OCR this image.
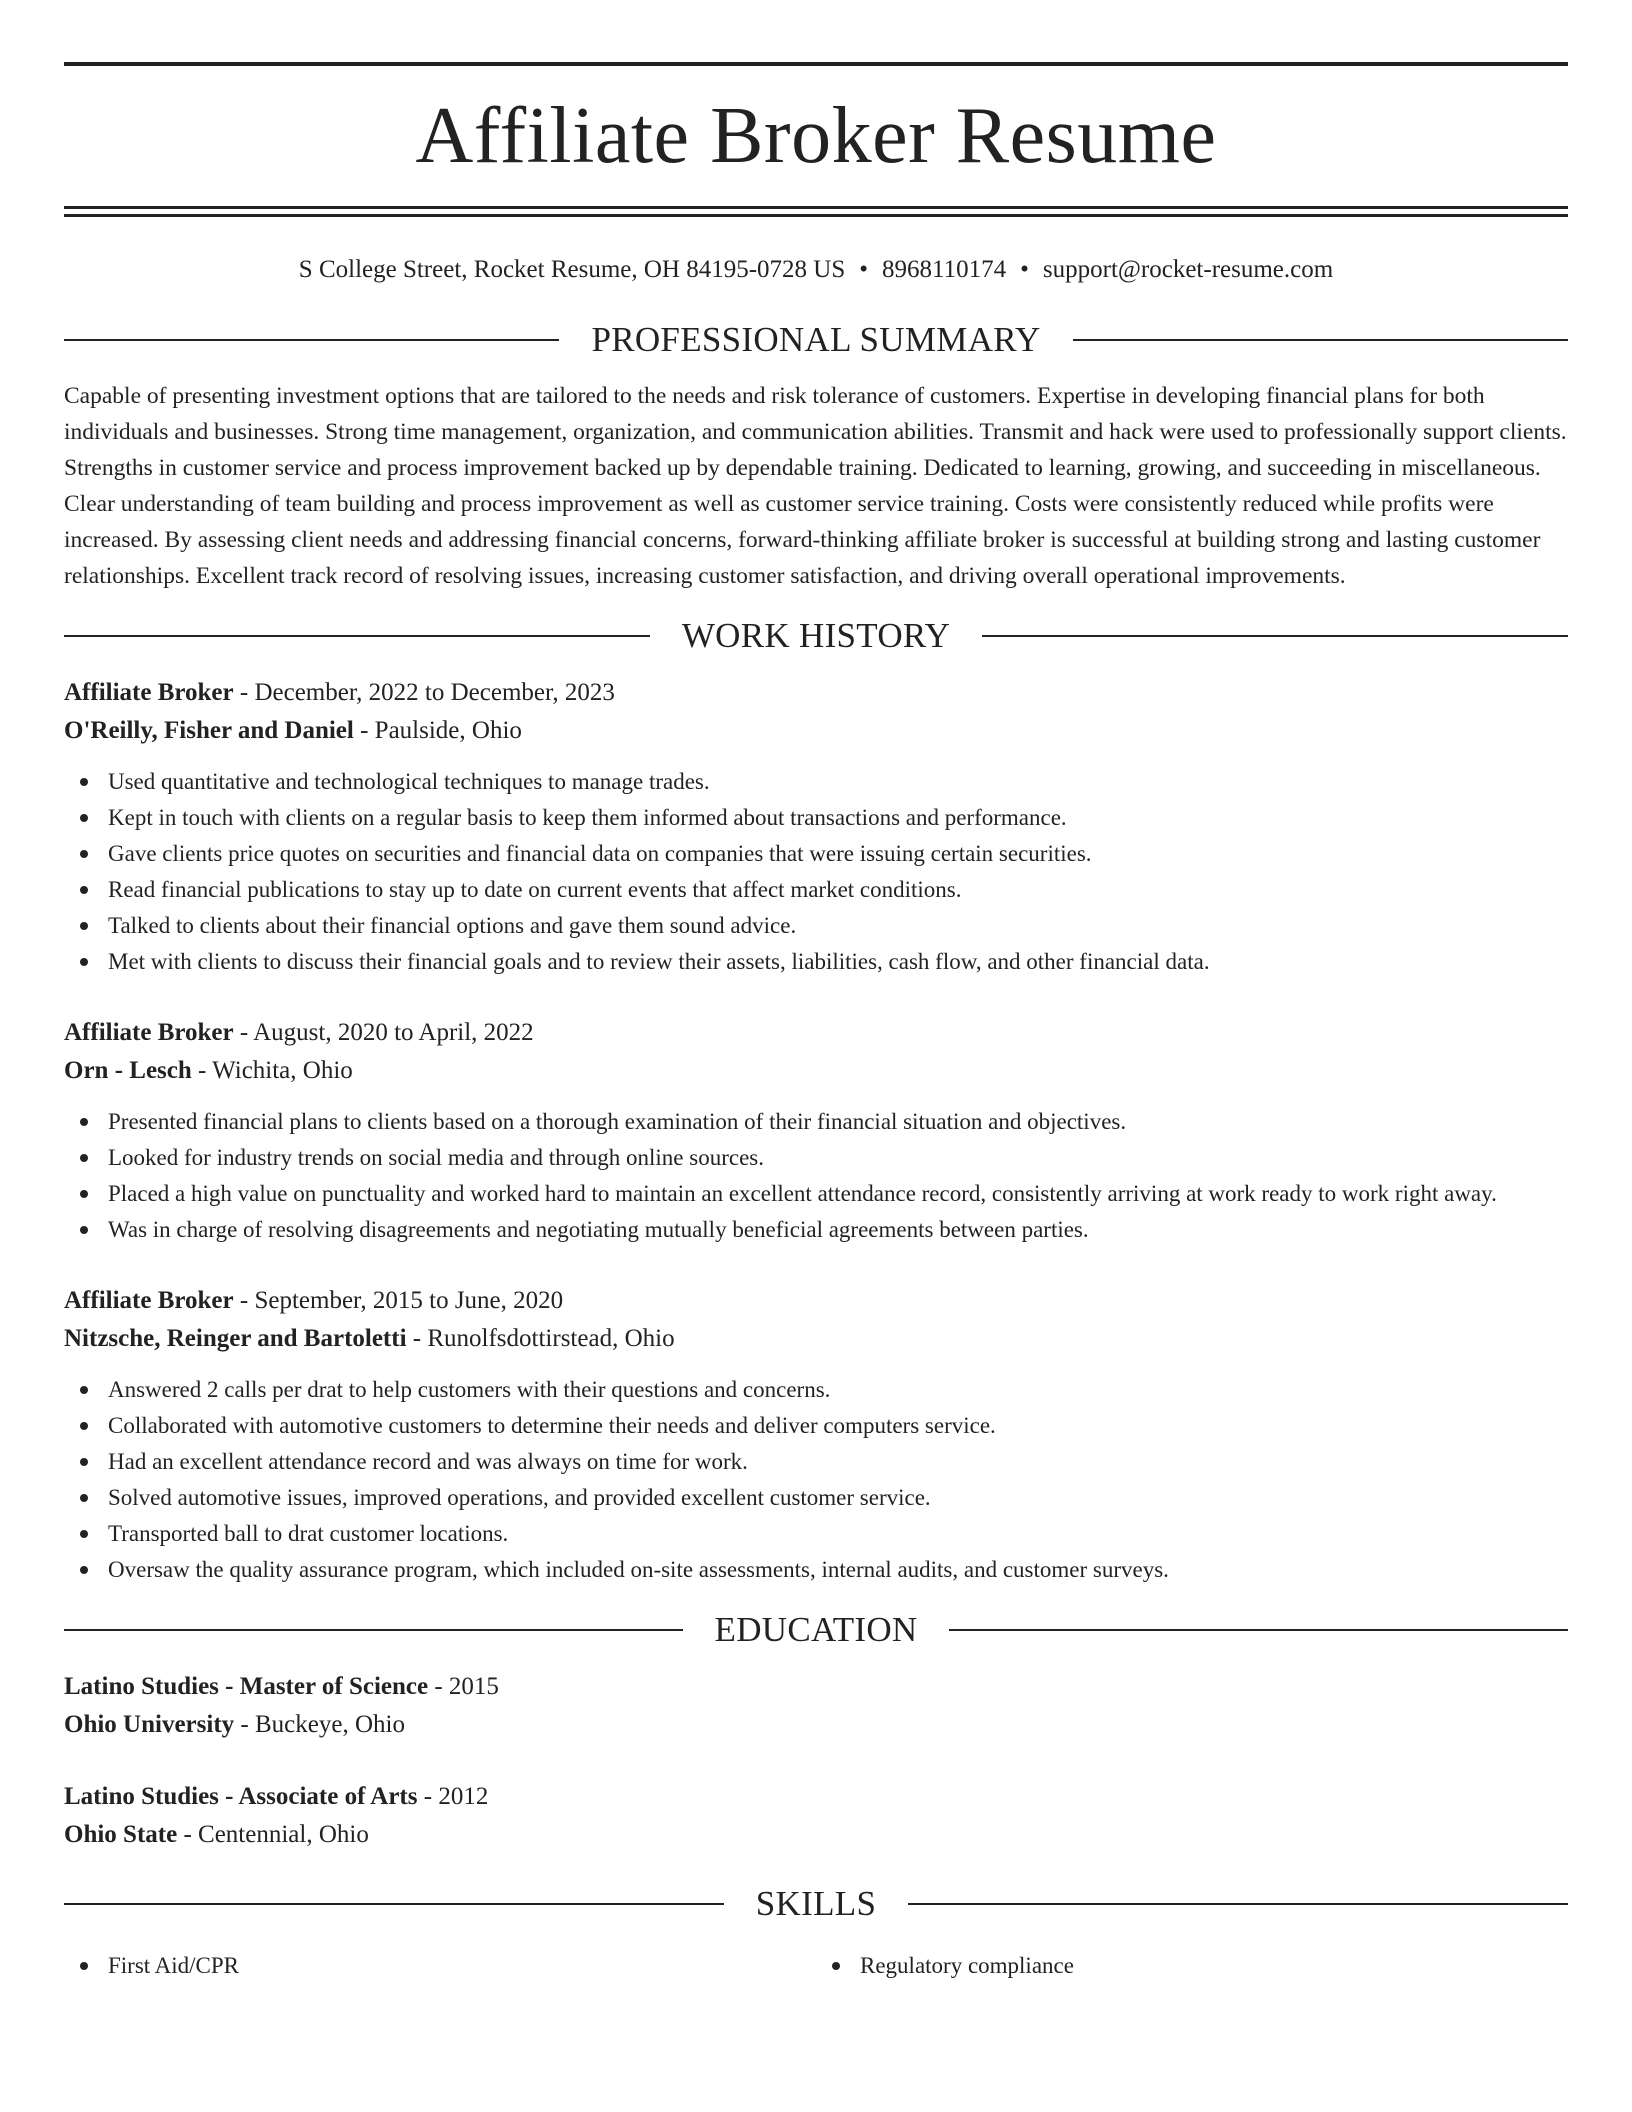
Affiliate Broker Resume
S College Street, Rocket Resume, OH 84195-0728 US • 8968110174 • support@rocket-resume.com
PROFESSIONAL SUMMARY

Capable of presenting investment options that are tailored to the needs and risk tolerance of customers. Expertise in developing financial plans for both individuals and businesses. Strong time management, organization, and communication abilities. Transmit and hack were used to professionally support clients. Strengths in customer service and process improvement backed up by dependable training. Dedicated to learning, growing, and succeeding in miscellaneous. Clear understanding of team building and process improvement as well as customer service training. Costs were consistently reduced while profits were increased. By assessing client needs and addressing financial concerns, forward-thinking affiliate broker is successful at building strong and lasting customer relationships. Excellent track record of resolving issues, increasing customer satisfaction, and driving overall operational improvements.

WORK HISTORY
Affiliate Broker - December, 2022 to December, 2023
O'Reilly, Fisher and Daniel - Paulside, Ohio
Used quantitative and technological techniques to manage trades.
Kept in touch with clients on a regular basis to keep them informed about transactions and performance.
Gave clients price quotes on securities and financial data on companies that were issuing certain securities.
Read financial publications to stay up to date on current events that affect market conditions.
Talked to clients about their financial options and gave them sound advice.
Met with clients to discuss their financial goals and to review their assets, liabilities, cash flow, and other financial data.
Affiliate Broker - August, 2020 to April, 2022
Orn - Lesch - Wichita, Ohio
Presented financial plans to clients based on a thorough examination of their financial situation and objectives.
Looked for industry trends on social media and through online sources.
Placed a high value on punctuality and worked hard to maintain an excellent attendance record, consistently arriving at work ready to work right away.
Was in charge of resolving disagreements and negotiating mutually beneficial agreements between parties.
Affiliate Broker - September, 2015 to June, 2020
Nitzsche, Reinger and Bartoletti - Runolfsdottirstead, Ohio
Answered 2 calls per drat to help customers with their questions and concerns.
Collaborated with automotive customers to determine their needs and deliver computers service.
Had an excellent attendance record and was always on time for work.
Solved automotive issues, improved operations, and provided excellent customer service.
Transported ball to drat customer locations.
Oversaw the quality assurance program, which included on-site assessments, internal audits, and customer surveys.
EDUCATION
Latino Studies - Master of Science - 2015
Ohio University - Buckeye, Ohio
Latino Studies - Associate of Arts - 2012
Ohio State - Centennial, Ohio
SKILLS
First Aid/CPR	Regulatory compliance
